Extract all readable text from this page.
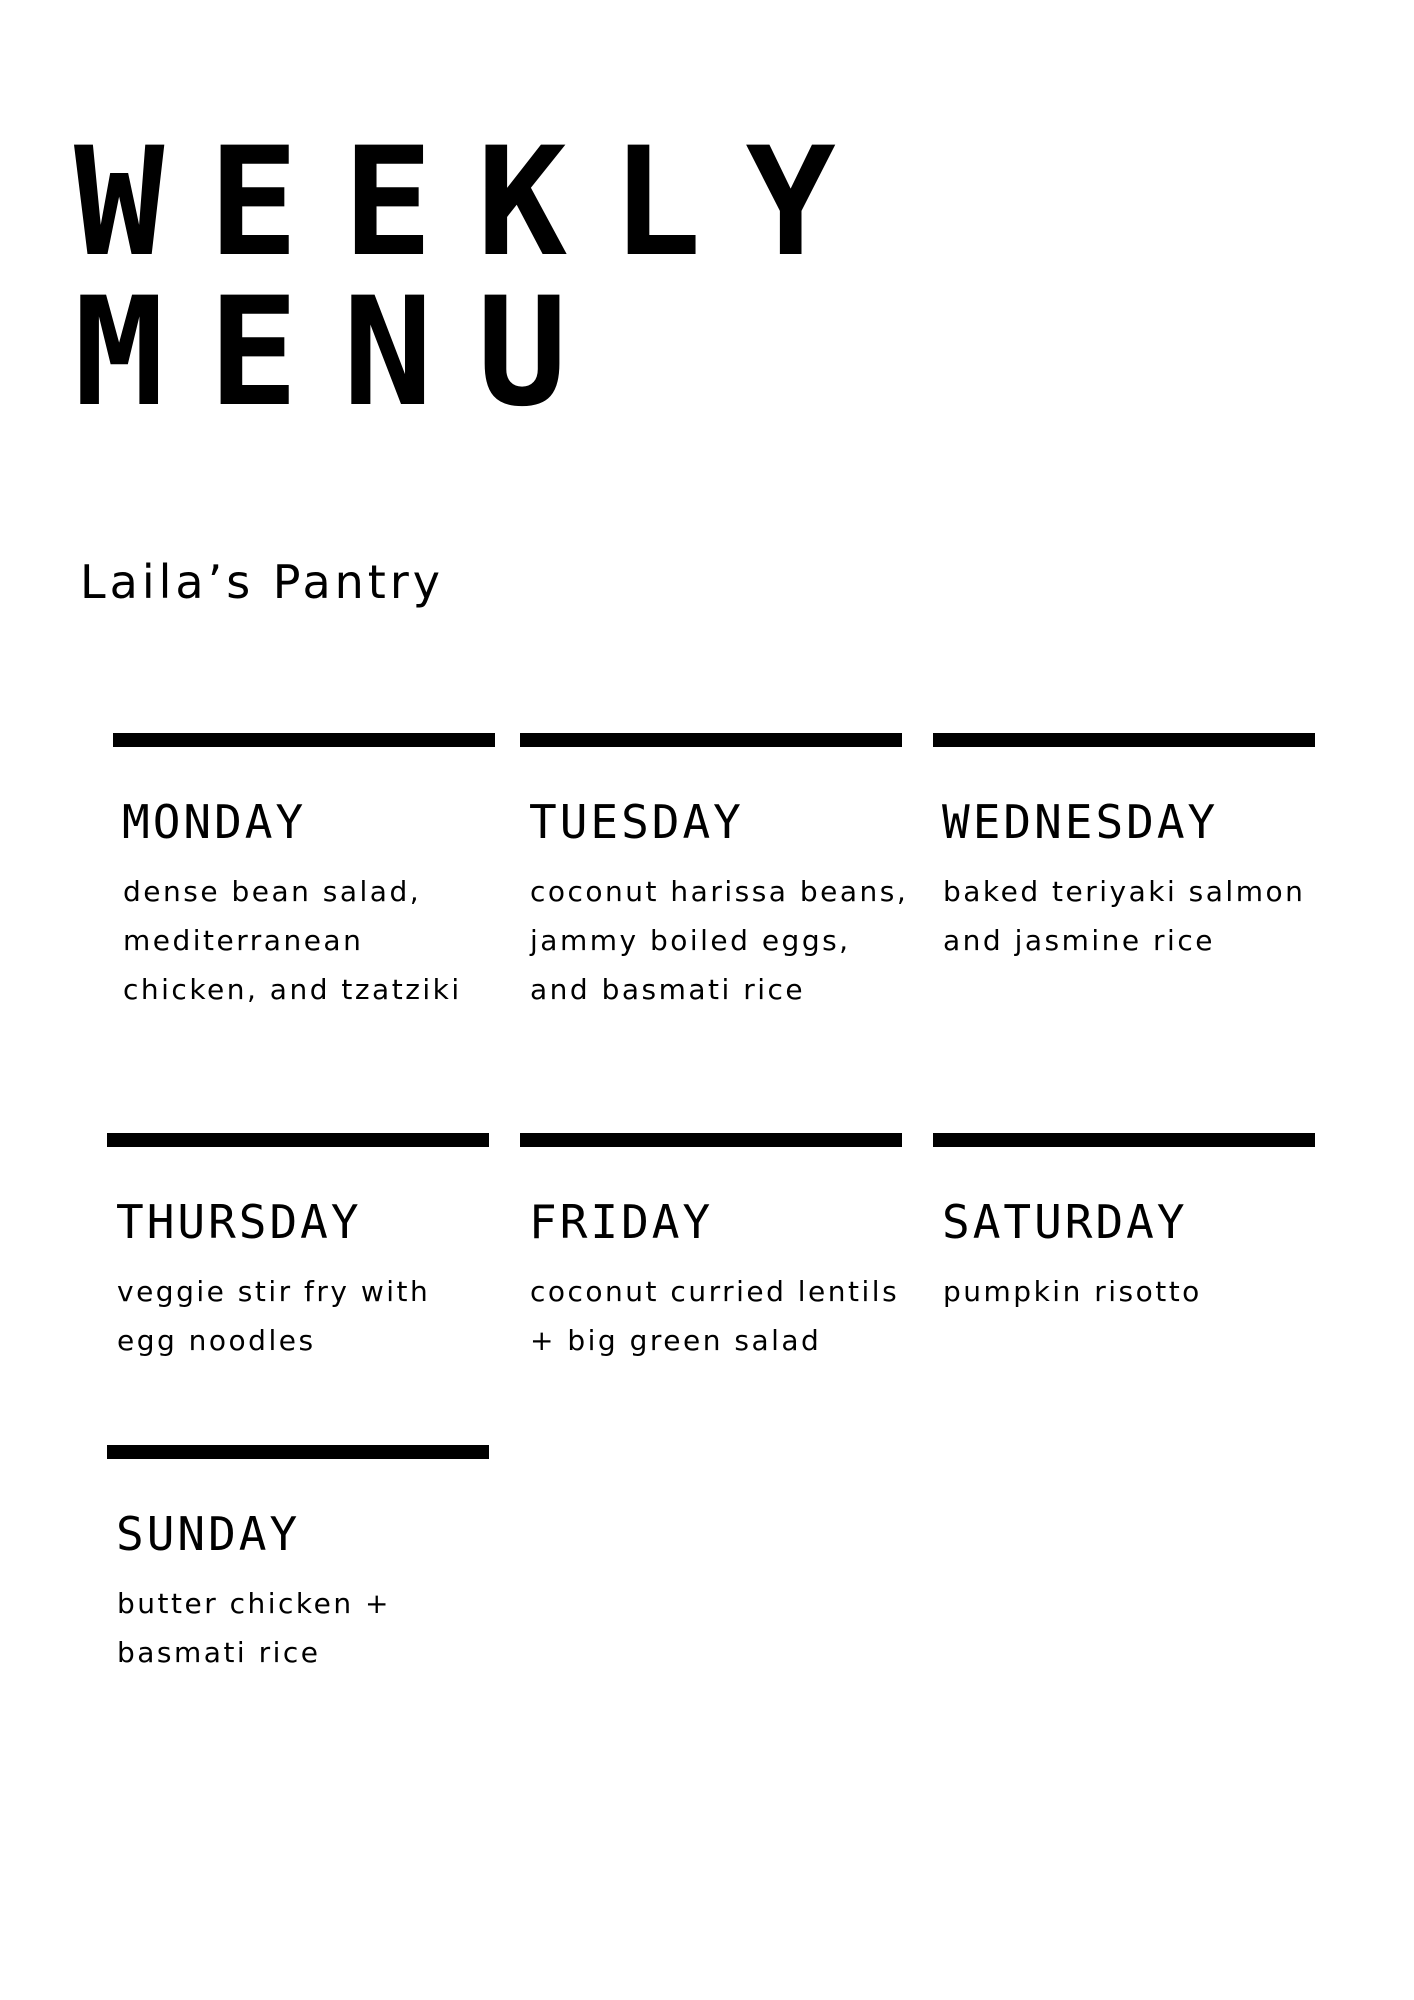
WEEKLY
MENU

Laila’s Pantry

MONDAY
dense bean salad, mediterranean chicken, and tzatziki
TUESDAY
coconut harissa beans, jammy boiled eggs, and basmati rice
WEDNESDAY
baked teriyaki salmon and jasmine rice
THURSDAY
veggie stir fry with egg noodles
FRIDAY
coconut curried lentils + big green salad
SATURDAY
pumpkin risotto
SUNDAY
butter chicken + basmati rice
